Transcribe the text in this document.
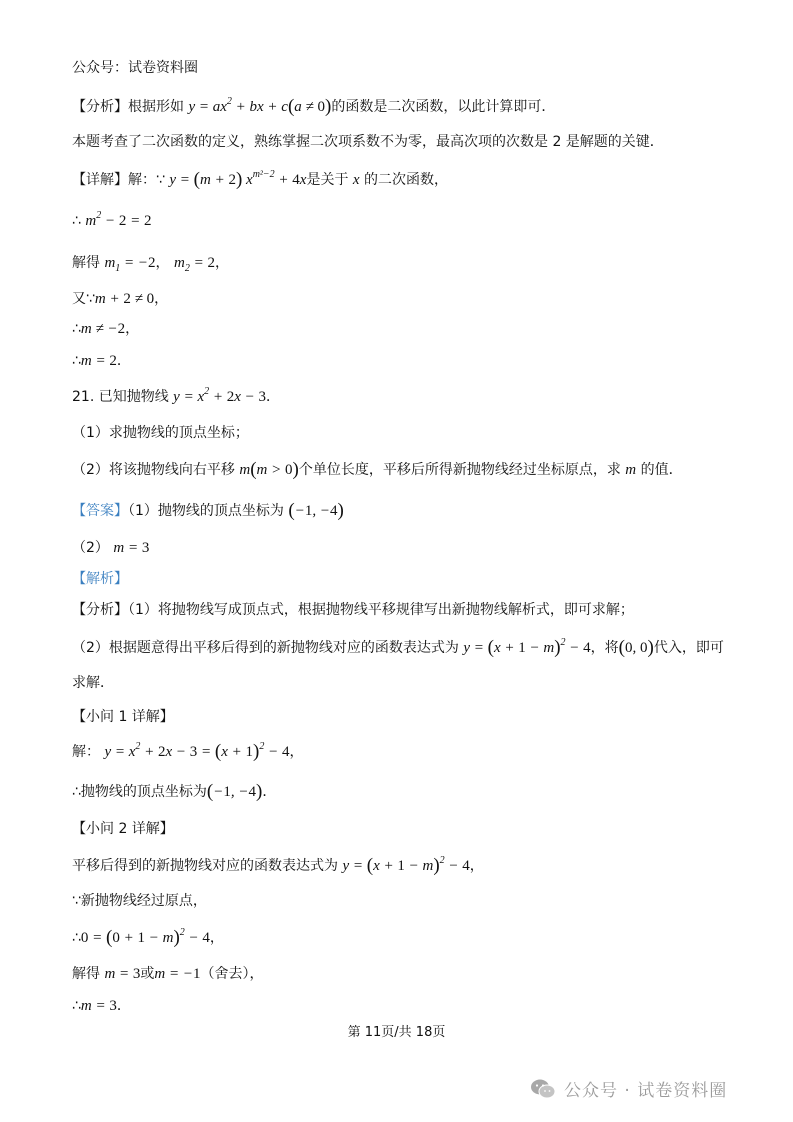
公众号：试卷资料圈
【分析】根据形如 $y = ax^2$ + bx + c(a ≠ 0)的函数是二次函数，以此计算即可．
本题考查了二次函数的定义，熟练掌握二次项系数不为零，最高次项的次数是 2 是解题的关键．
【详解】解：∵ y = (m + 2) $x^{m^2-2} + 4x$是关于 x 的二次函数，
∴ $m^2 - 2 = 2$
解得 $m_1 = -2$， $m_2 = 2$，
又∵m + 2 ≠ 0，
∴m ≠ −2，
∴m = 2．
21. 已知抛物线 $y = x^2 + 2x - 3$．
（1）求抛物线的顶点坐标；
（2）将该抛物线向右平移 m(m > 0)个单位长度，平移后所得新抛物线经过坐标原点，求 m 的值．
【答案】（1）抛物线的顶点坐标为 (−1, −4)
（2） m = 3
【解析】
【分析】（1）将抛物线写成顶点式，根据抛物线平移规律写出新抛物线解析式，即可求解；
（2）根据题意得出平移后得到的新抛物线对应的函数表达式为 $y = (x + 1 - m)^2 - 4$，将(0, 0)代入，即可
求解．
【小问 1 详解】
解： $y = x^2 + 2x - 3 = (x + 1)^2 - 4$，
∴抛物线的顶点坐标为(−1, −4)．
【小问 2 详解】
平移后得到的新抛物线对应的函数表达式为 $y = (x + 1 - m)^2 - 4$，
∵新抛物线经过原点，
∴0 = $(0 + 1 - m)^2 - 4$，
解得 m = 3或m = −1（舍去），
∴m = 3．
第 11页/共 18页
公众号 · 试卷资料圈
